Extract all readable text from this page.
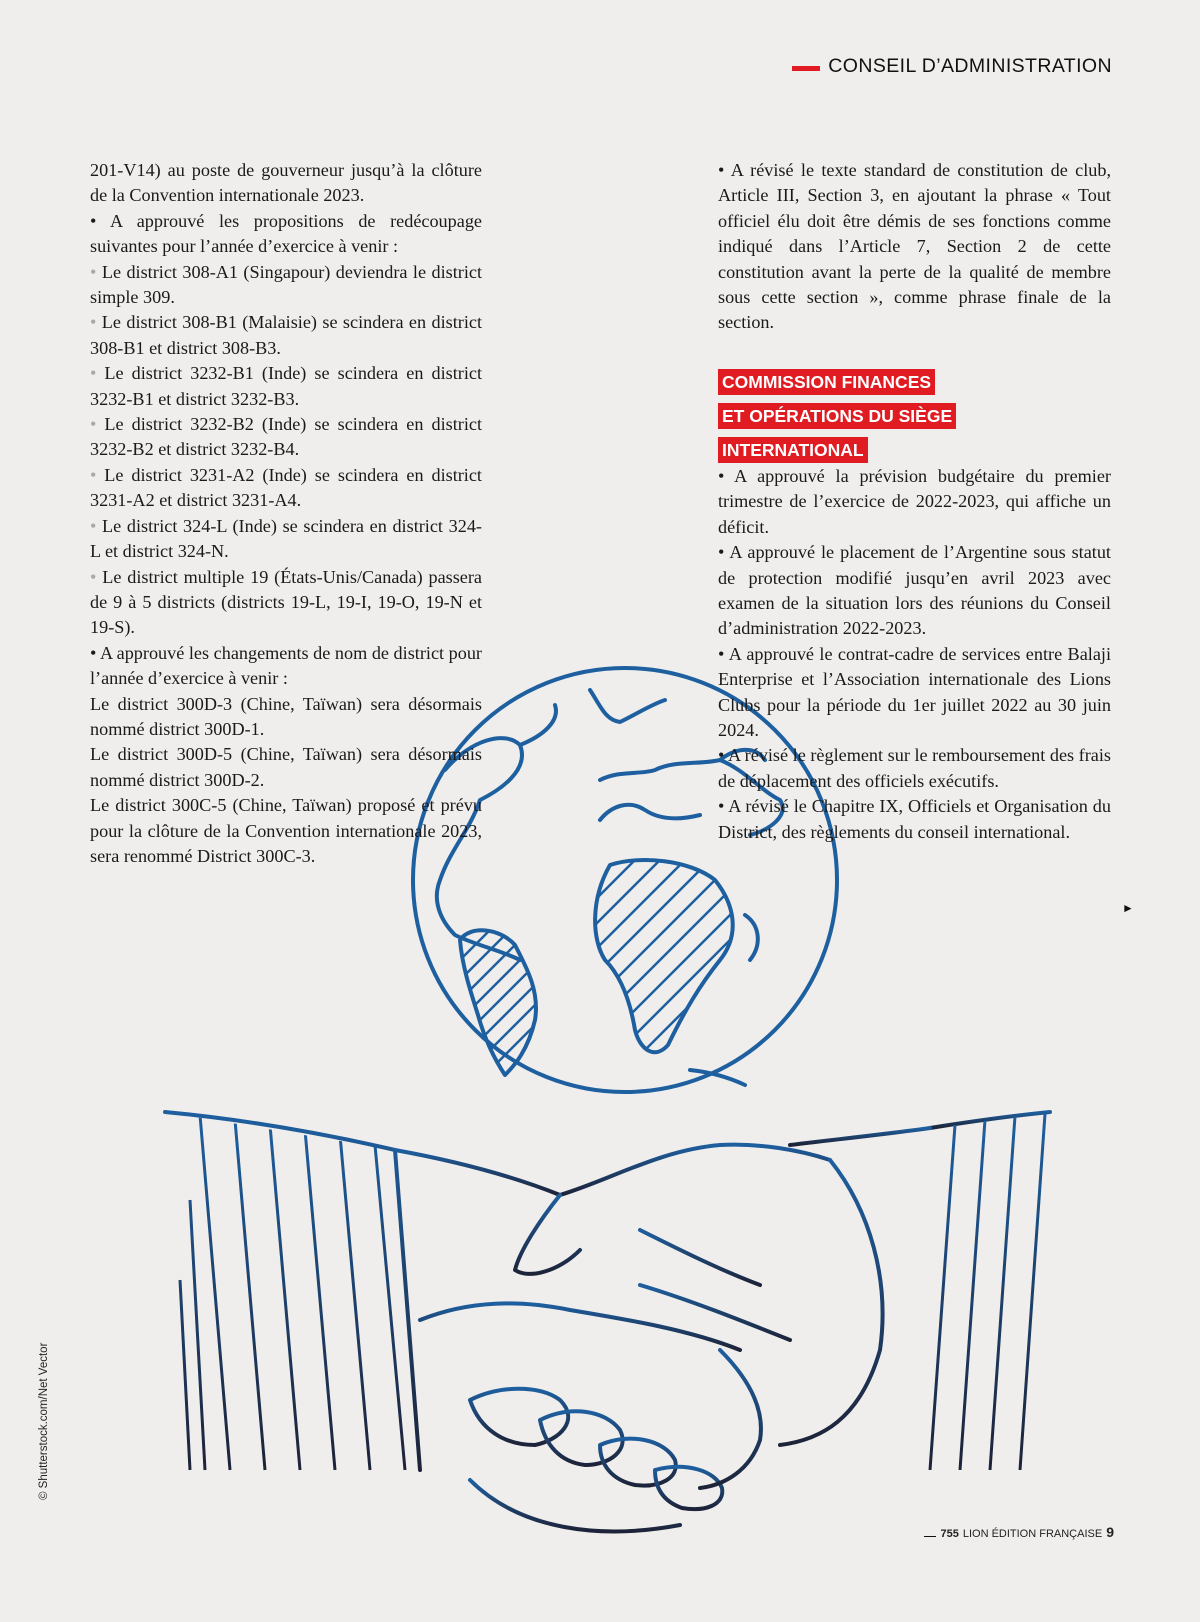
CONSEIL D’ADMINISTRATION

201-V14) au poste de gouverneur jusqu’à la clôture de la Convention internationale 2023.

• A approuvé les propositions de redécoupage suivantes pour l’année d’exercice à venir :

• Le district 308-A1 (Singapour) deviendra le district simple 309.

• Le district 308-B1 (Malaisie) se scindera en district 308-B1 et district 308-B3.

• Le district 3232-B1 (Inde) se scindera en district 3232-B1 et district 3232-B3.

• Le district 3232-B2 (Inde) se scindera en district 3232-B2 et district 3232-B4.

• Le district 3231-A2 (Inde) se scindera en district 3231-A2 et district 3231-A4.

• Le district 324-L (Inde) se scindera en district 324-L et district 324-N.

• Le district multiple 19 (États-Unis/Canada) passera de 9 à 5 districts (districts 19-L, 19-I, 19-O, 19-N et 19-S).

• A approuvé les changements de nom de district pour l’année d’exercice à venir :

Le district 300D-3 (Chine, Taïwan) sera désormais nommé district 300D-1.

Le district 300D-5 (Chine, Taïwan) sera désormais nommé district 300D-2.

Le district 300C-5 (Chine, Taïwan) proposé et prévu pour la clôture de la Convention internationale 2023, sera renommé District 300C-3.

• A révisé le texte standard de constitution de club, Article III, Section 3, en ajoutant la phrase « Tout officiel élu doit être démis de ses fonctions comme indiqué dans l’Article 7, Section 2 de cette constitution avant la perte de la qualité de membre sous cette section », comme phrase finale de la section.

COMMISSION FINANCES
ET OPÉRATIONS DU SIÈGE
INTERNATIONAL

• A approuvé la prévision budgétaire du premier trimestre de l’exercice de 2022-2023, qui affiche un déficit.

• A approuvé le placement de l’Argentine sous statut de protection modifié jusqu’en avril 2023 avec examen de la situation lors des réunions du Conseil d’administration 2022-2023.

• A approuvé le contrat-cadre de services entre Balaji Enterprise et l’Association internationale des Lions Clubs pour la période du 1er juillet 2022 au 30 juin 2024.

• A révisé le règlement sur le remboursement des frais de déplacement des officiels exécutifs.

• A révisé le Chapitre IX, Officiels et Organisation du District, des règlements du conseil international.

►
© Shutterstock.com/Net Vector
755 LION ÉDITION FRANÇAISE 9
